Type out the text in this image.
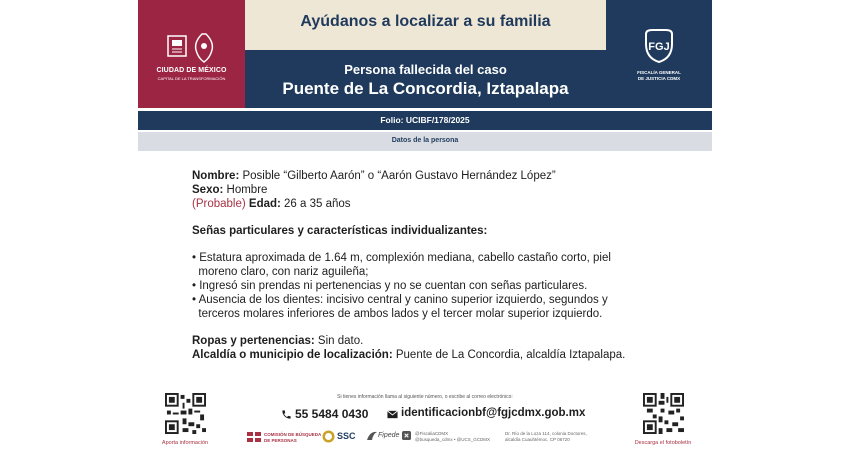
CIUDAD DE MÉXICO
CAPITAL DE LA TRANSFORMACIÓN
Ayúdanos a localizar a su familia
Persona fallecida del caso
Puente de La Concordia, Iztapalapa
FGJ
FISCALÍA GENERAL
DE JUSTICIA CDMX
Folio: UCIBF/178/2025
Datos de la persona
Nombre: Posible “Gilberto Aarón” o “Aarón Gustavo Hernández López”
Sexo: Hombre
(Probable) Edad: 26 a 35 años
Señas particulares y características individualizantes:
• Estatura aproximada de 1.64 m, complexión mediana, cabello castaño corto, piel
moreno claro, con nariz aguileña;
• Ingresó sin prendas ni pertenencias y no se cuentan con señas particulares.
• Ausencia de los dientes: incisivo central y canino superior izquierdo, segundos y
terceros molares inferiores de ambos lados y el tercer molar superior izquierdo.
Ropas y pertenencias: Sin dato.
Alcaldía o municipio de localización: Puente de La Concordia, alcaldía Iztapalapa.
Aporta información	Descarga el fotoboletín
Si tienes información llama al siguiente número, o escribe al correo electrónico:
55 5484 0430	identificacionbf@fgjcdmx.gob.mx
COMISIÓN DE BÚSQUEDA
DE PERSONAS	SSC	Fipede	@FiscaliaCDMX
@busqueda_cdmx • @UCS_GCDMX
Dr. Río de la Loza 114, colonia Doctores,
alcaldía Cuauhtémoc. CP 06720
